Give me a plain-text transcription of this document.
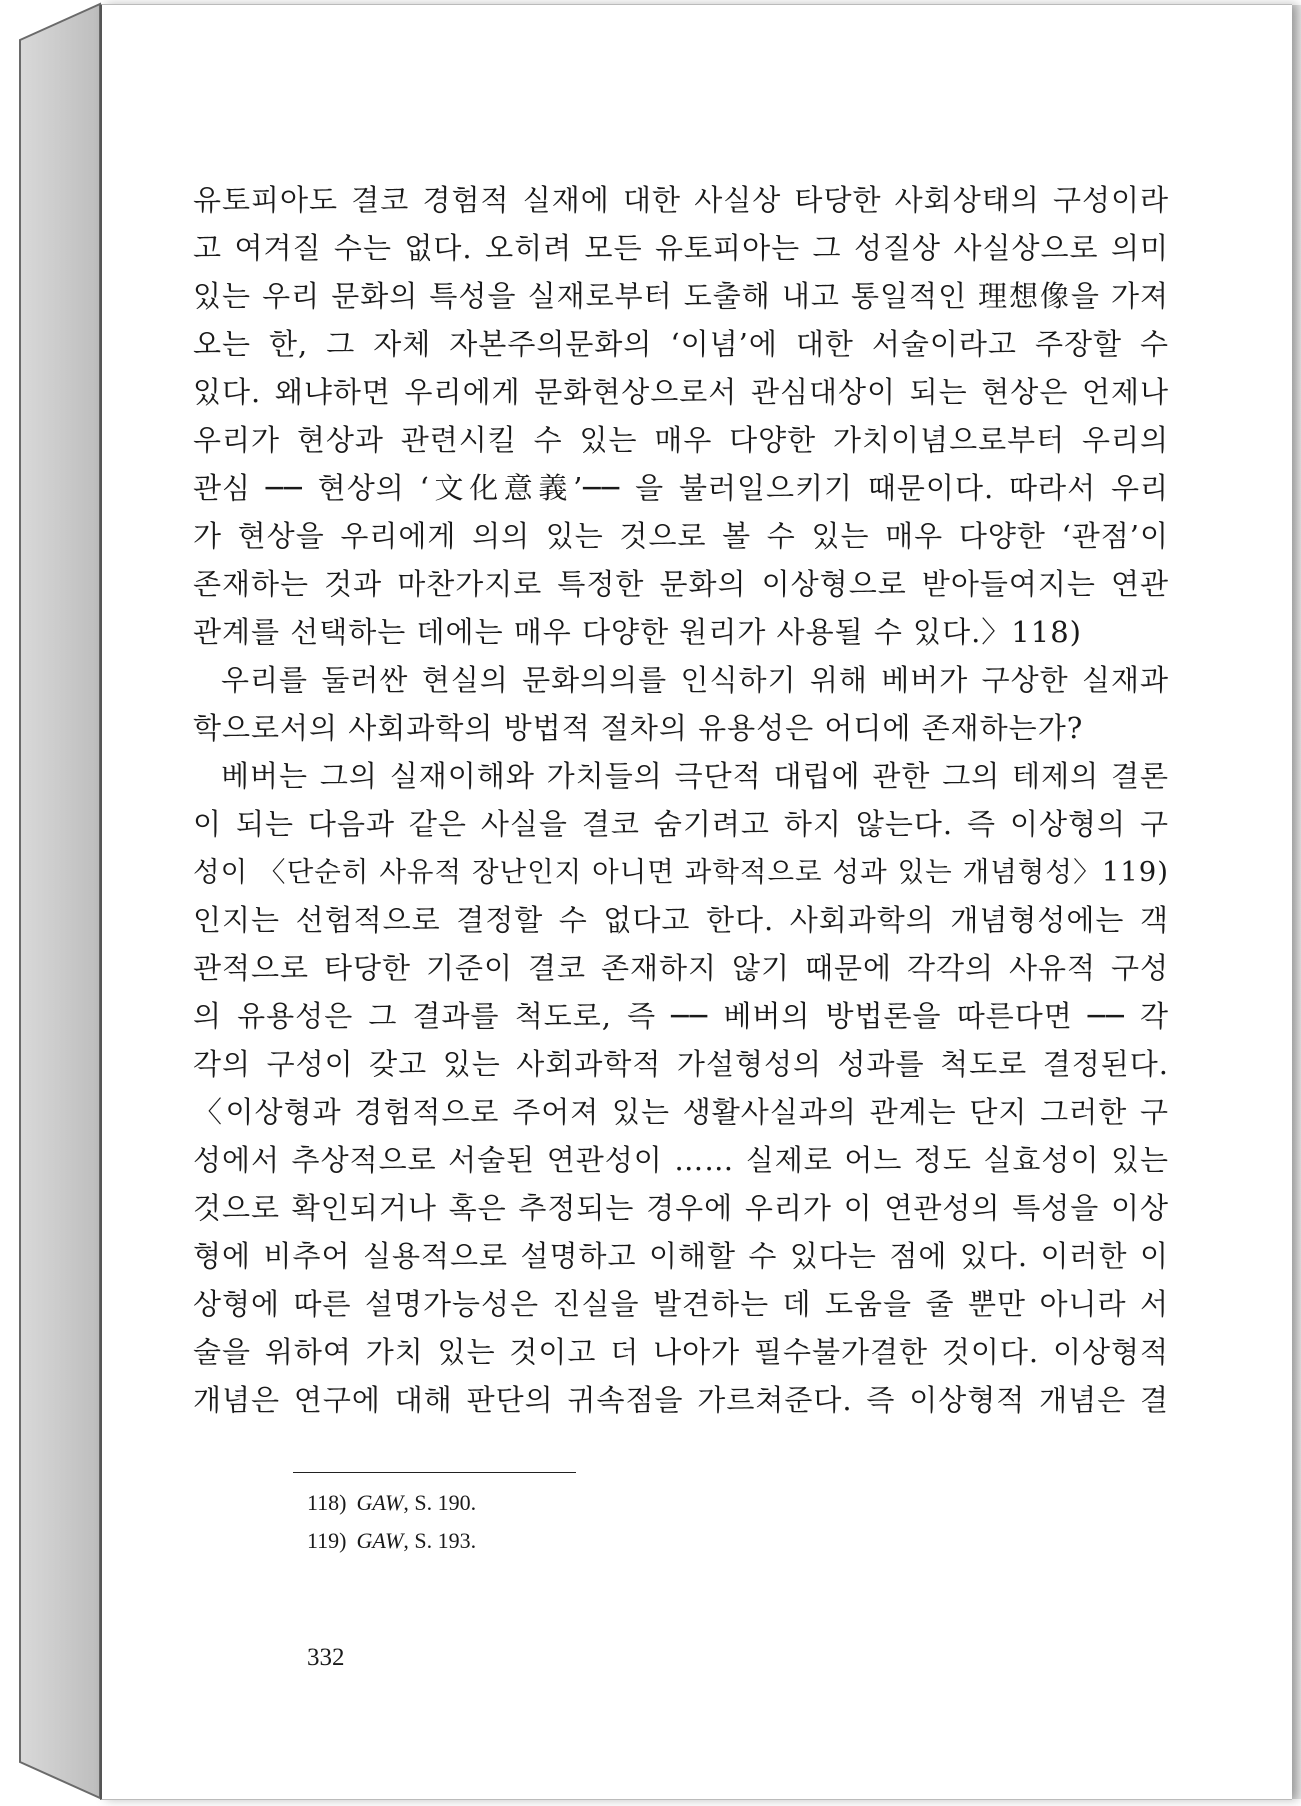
유토피아도 결코 경험적 실재에 대한 사실상 타당한 사회상태의 구성이라
고 여겨질 수는 없다. 오히려 모든 유토피아는 그 성질상 사실상으로 의미
있는 우리 문화의 특성을 실재로부터 도출해 내고 통일적인 理想像을 가져
오는 한, 그 자체 자본주의문화의 ‘이념’에 대한 서술이라고 주장할 수
있다. 왜냐하면 우리에게 문화현상으로서 관심대상이 되는 현상은 언제나
우리가 현상과 관련시킬 수 있는 매우 다양한 가치이념으로부터 우리의
관심 ── 현상의 ‘文化意義’── 을 불러일으키기 때문이다. 따라서 우리
가 현상을 우리에게 의의 있는 것으로 볼 수 있는 매우 다양한 ‘관점’이
존재하는 것과 마찬가지로 특정한 문화의 이상형으로 받아들여지는 연관
관계를 선택하는 데에는 매우 다양한 원리가 사용될 수 있다.〉118)
우리를 둘러싼 현실의 문화의의를 인식하기 위해 베버가 구상한 실재과
학으로서의 사회과학의 방법적 절차의 유용성은 어디에 존재하는가?
베버는 그의 실재이해와 가치들의 극단적 대립에 관한 그의 테제의 결론
이 되는 다음과 같은 사실을 결코 숨기려고 하지 않는다. 즉 이상형의 구
성이 〈단순히 사유적 장난인지 아니면 과학적으로 성과 있는 개념형성〉119)
인지는 선험적으로 결정할 수 없다고 한다. 사회과학의 개념형성에는 객
관적으로 타당한 기준이 결코 존재하지 않기 때문에 각각의 사유적 구성
의 유용성은 그 결과를 척도로, 즉 ── 베버의 방법론을 따른다면 ── 각
각의 구성이 갖고 있는 사회과학적 가설형성의 성과를 척도로 결정된다.
〈이상형과 경험적으로 주어져 있는 생활사실과의 관계는 단지 그러한 구
성에서 추상적으로 서술된 연관성이 …… 실제로 어느 정도 실효성이 있는
것으로 확인되거나 혹은 추정되는 경우에 우리가 이 연관성의 특성을 이상
형에 비추어 실용적으로 설명하고 이해할 수 있다는 점에 있다. 이러한 이
상형에 따른 설명가능성은 진실을 발견하는 데 도움을 줄 뿐만 아니라 서
술을 위하여 가치 있는 것이고 더 나아가 필수불가결한 것이다. 이상형적
개념은 연구에 대해 판단의 귀속점을 가르쳐준다. 즉 이상형적 개념은 결
118) GAW, S. 190.
119) GAW, S. 193.
332
